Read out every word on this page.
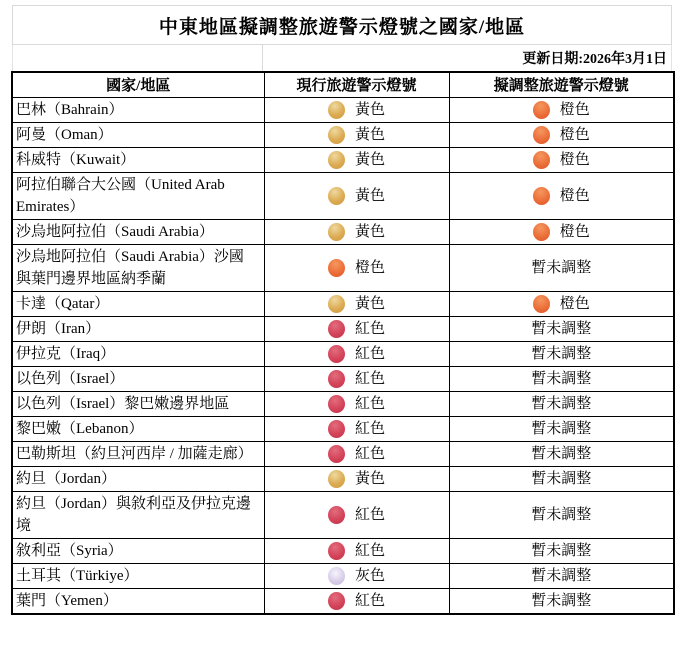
中東地區擬調整旅遊警示燈號之國家/地區
更新日期:2026年3月1日
國家/地區	現行旅遊警示燈號	擬調整旅遊警示燈號
巴林（Bahrain）	黃色	橙色

阿曼（Oman）	黃色	橙色

科威特（Kuwait）	黃色	橙色

阿拉伯聯合大公國（United Arab Emirates）	黃色	橙色

沙烏地阿拉伯（Saudi Arabia）	黃色	橙色

沙烏地阿拉伯（Saudi Arabia）沙國與葉門邊界地區納季蘭	橙色	暫未調整

卡達（Qatar）	黃色	橙色

伊朗（Iran）	紅色	暫未調整

伊拉克（Iraq）	紅色	暫未調整

以色列（Israel）	紅色	暫未調整

以色列（Israel）黎巴嫩邊界地區	紅色	暫未調整

黎巴嫩（Lebanon）	紅色	暫未調整

巴勒斯坦（約旦河西岸 / 加薩走廊）	紅色	暫未調整

約旦（Jordan）	黃色	暫未調整

約旦（Jordan）與敘利亞及伊拉克邊境	紅色	暫未調整

敘利亞（Syria）	紅色	暫未調整

土耳其（Türkiye）	灰色	暫未調整

葉門（Yemen）	紅色	暫未調整
